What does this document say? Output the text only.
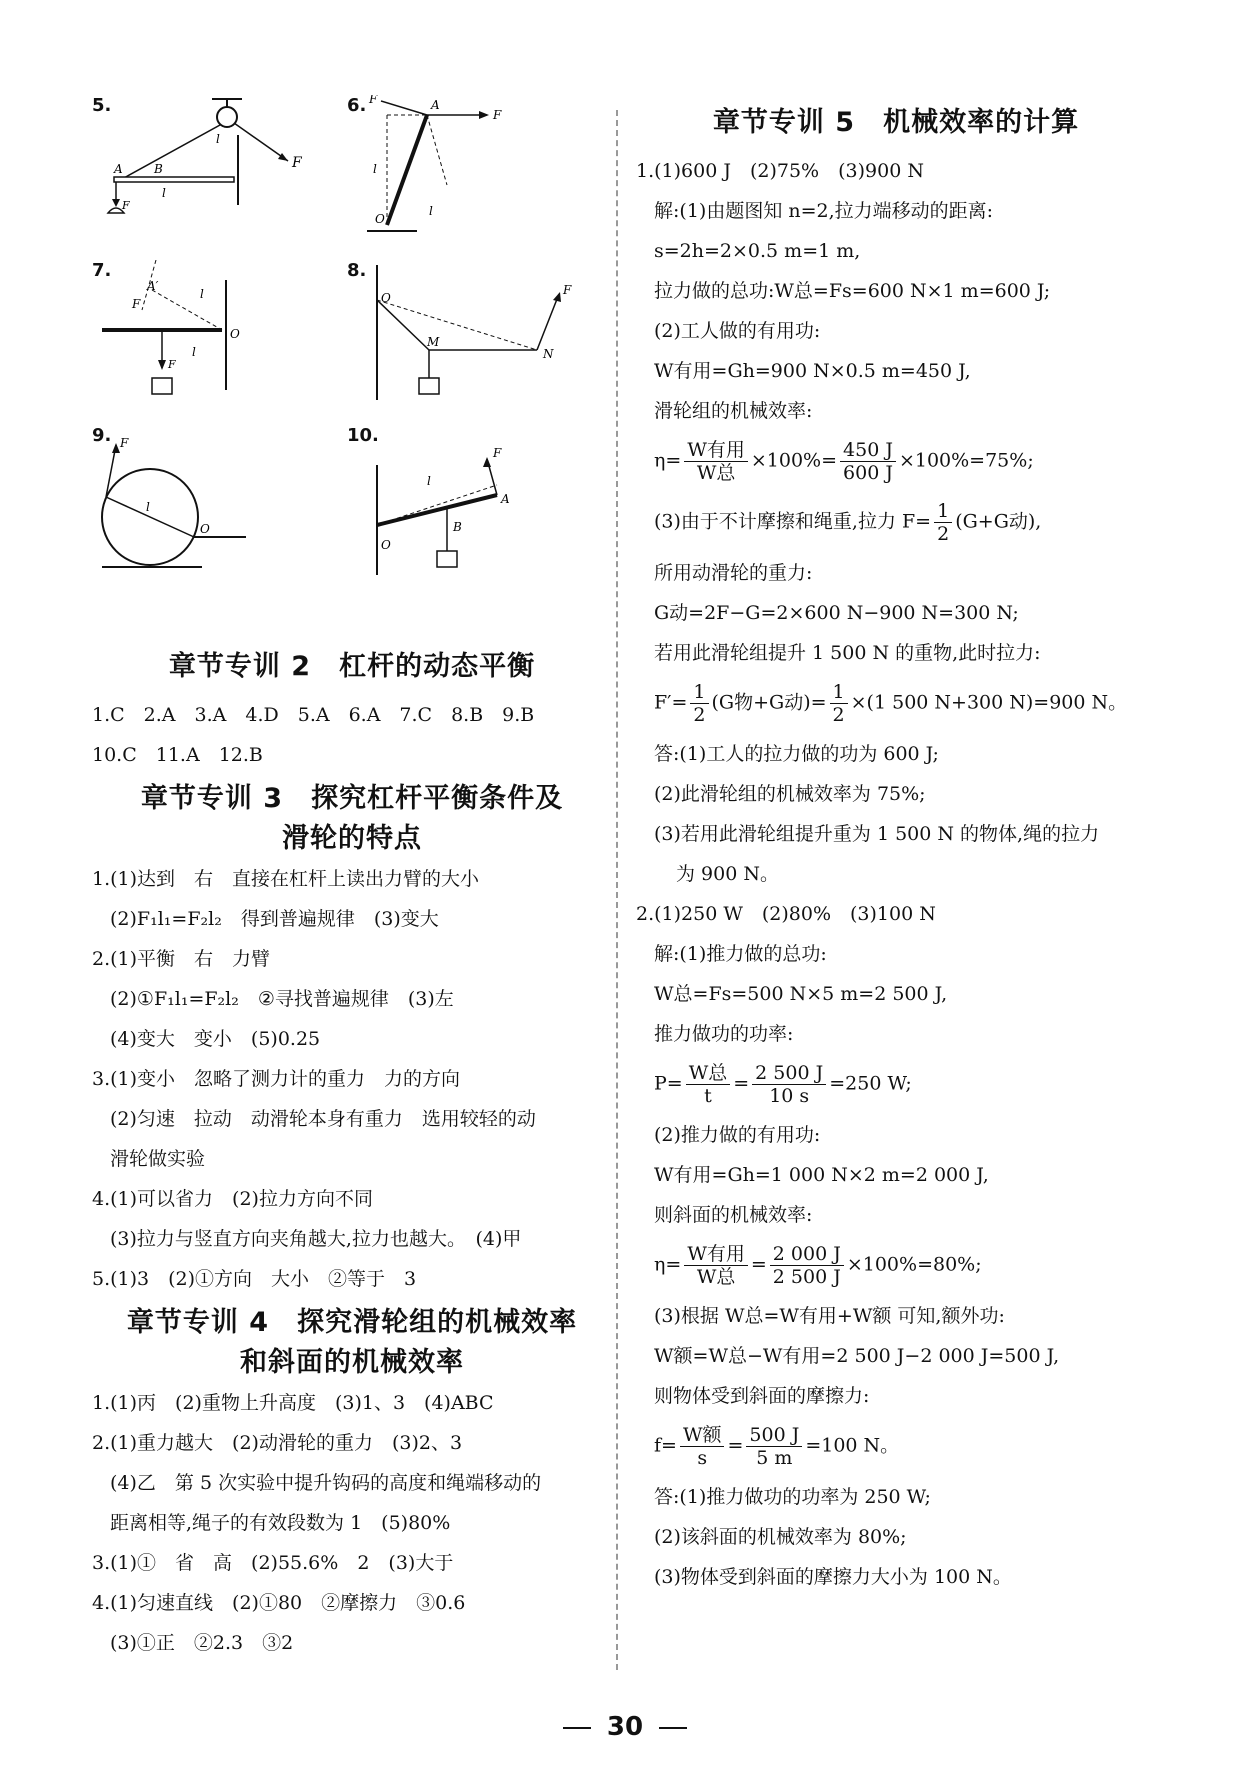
5.
F
A	B
l
l
F
6.	F
F
l
l
A
O
7.
A′
F
l
F
O
l
8.
F
O
M
N
9. F
l
O
10.
F
l
A
B
O
章节专训 2　杠杆的动态平衡
1.C　2.A　3.A　4.D　5.A　6.A　7.C　8.B　9.B
10.C　11.A　12.B
章节专训 3　探究杠杆平衡条件及
滑轮的特点
1.(1)达到　右　直接在杠杆上读出力臂的大小
(2)F₁l₁=F₂l₂　得到普遍规律　(3)变大
2.(1)平衡　右　力臂
(2)①F₁l₁=F₂l₂　②寻找普遍规律　(3)左
(4)变大　变小　(5)0.25
3.(1)变小　忽略了测力计的重力　力的方向
(2)匀速　拉动　动滑轮本身有重力　选用较轻的动
滑轮做实验
4.(1)可以省力　(2)拉力方向不同
(3)拉力与竖直方向夹角越大,拉力也越大。　(4)甲
5.(1)3　(2)①方向　大小　②等于　3
章节专训 4　探究滑轮组的机械效率
和斜面的机械效率
1.(1)丙　(2)重物上升高度　(3)1、3　(4)ABC
2.(1)重力越大　(2)动滑轮的重力　(3)2、3
(4)乙　第 5 次实验中提升钩码的高度和绳端移动的
距离相等,绳子的有效段数为 1　(5)80%
3.(1)①　省　高　(2)55.6%　2　(3)大于
4.(1)匀速直线　(2)①80　②摩擦力　③0.6
(3)①正　②2.3　③2
章节专训 5　机械效率的计算
1.(1)600 J　(2)75%　(3)900 N
解:(1)由题图知 n=2,拉力端移动的距离:
s=2h=2×0.5 m=1 m,
拉力做的总功:W总=Fs=600 N×1 m=600 J;
(2)工人做的有用功:
W有用=Gh=900 N×0.5 m=450 J,
滑轮组的机械效率:
$\eta= \frac{\text{W有用}}{\text{W总}} \times 100\%= \frac{450 J}{600 J} \times 100\%=75\%$;
(3)由于不计摩擦和绳重,拉力 $F= \frac{1}{2} (G+G$动),
所用动滑轮的重力:
G动=2F−G=2×600 N−900 N=300 N;
若用此滑轮组提升 1 500 N 的重物,此时拉力:
$F'= \frac{1}{2} (G$物+G动)= $\frac{1}{2} \times(1$ 500 N+300 N)=900 N。
答:(1)工人的拉力做的功为 600 J;
(2)此滑轮组的机械效率为 75%;
(3)若用此滑轮组提升重为 1 500 N 的物体,绳的拉力
为 900 N。
2.(1)250 W　(2)80%　(3)100 N
解:(1)推力做的总功:
W总=Fs=500 N×5 m=2 500 J,
推力做功的功率:
$P= \frac{\text{W总}}{t} = \frac{2 500 J}{10 s} =250$ W;
(2)推力做的有用功:
W有用=Gh=1 000 N×2 m=2 000 J,
则斜面的机械效率:
$\eta= \frac{\text{W有用}}{\text{W总}} = \frac{2 000 J}{2 500 J} \times 100\%=80\%$;
(3)根据 W总=W有用+W额 可知,额外功:
W额=W总−W有用=2 500 J−2 000 J=500 J,
则物体受到斜面的摩擦力:
$f= \frac{\text{W额}}{s} = \frac{500 J}{5 m} =100$ N。
答:(1)推力做功的功率为 250 W;
(2)该斜面的机械效率为 80%;
(3)物体受到斜面的摩擦力大小为 100 N。
30
